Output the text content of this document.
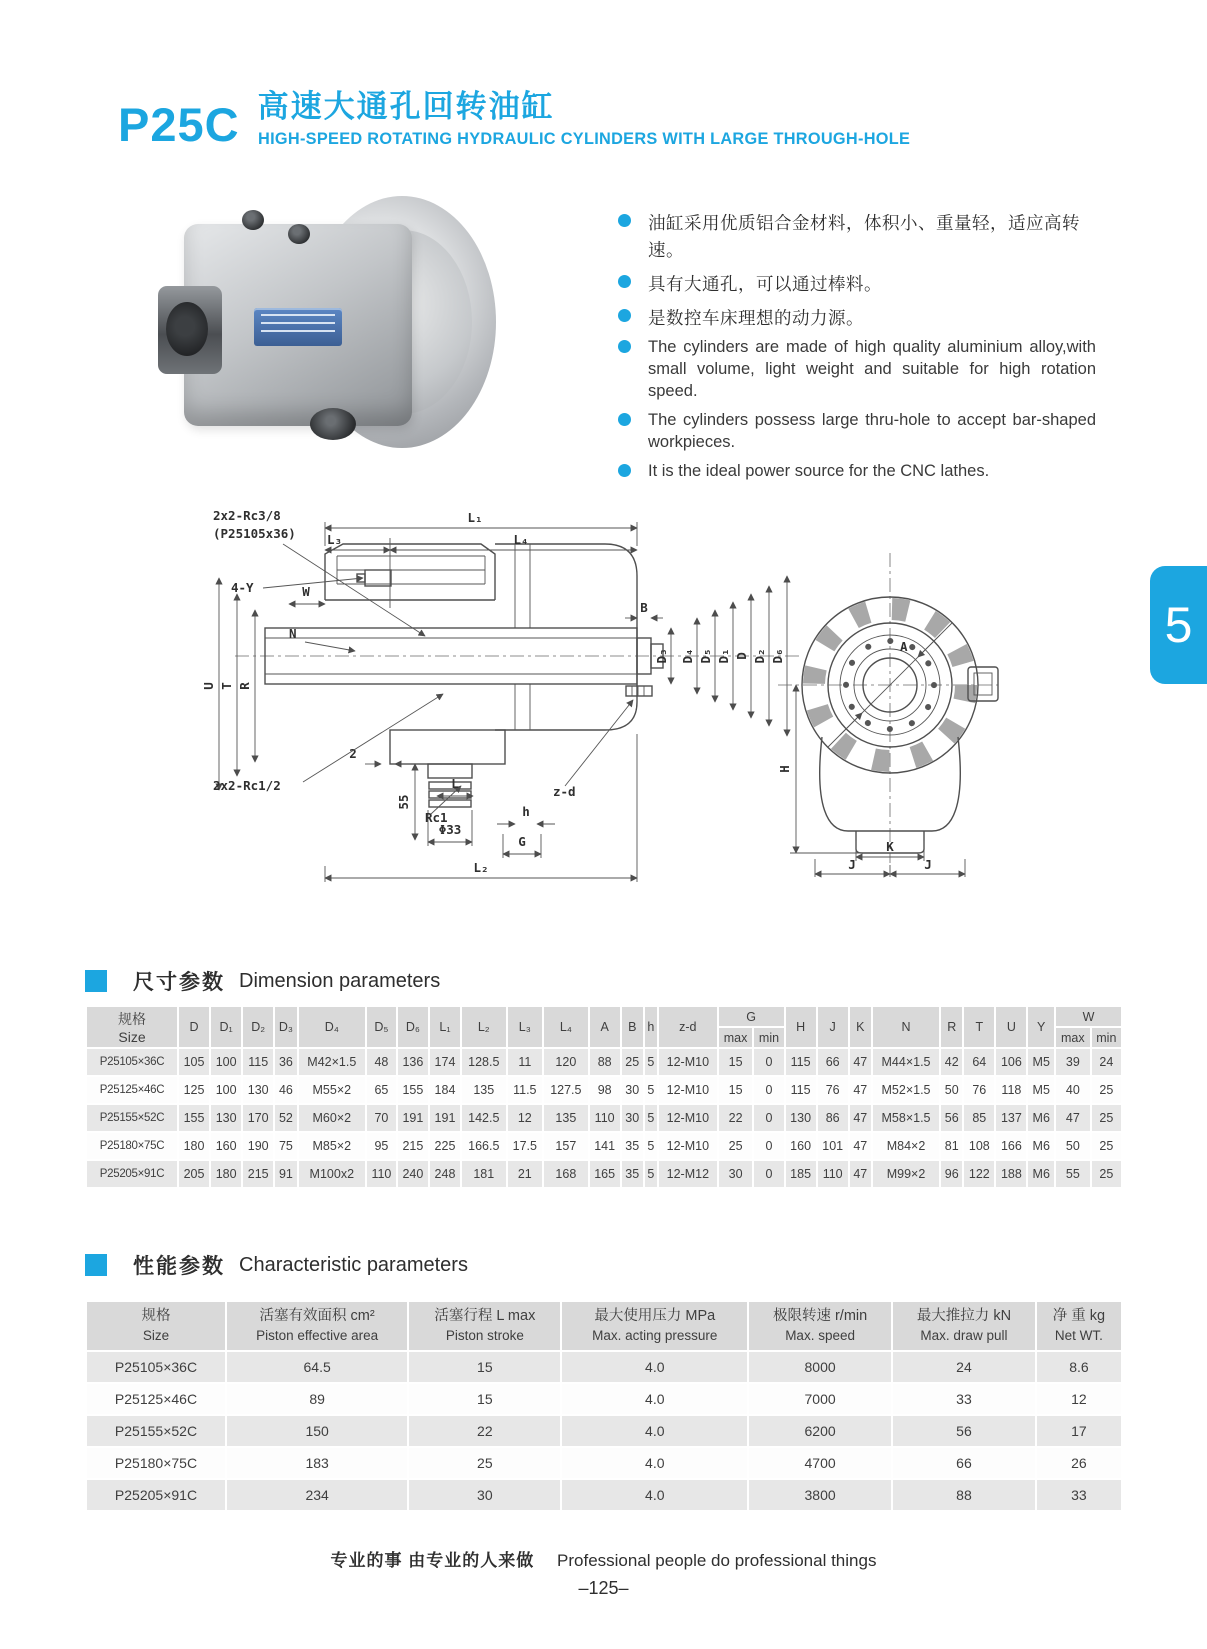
P25C 高速大通孔回转油缸
HIGH-SPEED ROTATING HYDRAULIC CYLINDERS WITH LARGE THROUGH-HOLE
油缸采用优质铝合金材料，体积小、重量轻，适应高转速。
具有大通孔，可以通过棒料。
是数控车床理想的动力源。
The cylinders are made of high quality aluminium alloy,with small volume, light weight and suitable for high rotation speed.
The cylinders possess large thru-hole to accept bar-shaped workpieces.
It is the ideal power source for the CNC lathes.
5
L₁
L₄
L₃
W
2x2-Rc3/8
(P25105x36)
4-Y
N
U T R
D₃
B
D₄ D₅ D₁ D D₂ D₆
2
2x2-Rc1/2
55
Φ33
Rc1
L
h
z-d
G
L₂
A
H
K
J	J
尺寸参数 Dimension parameters
规格
Size	D	D₁	D₂	D₃	D₄	D₅	D₆	L₁	L₂	L₃	L₄	A	B	h	z-d	G		H	J	K	N	R	T	U	Y	W	
																max	min									max	min
P25105×36C	105	100	115	36	M42×1.5	48	136	174	128.5	11	120	88	25	5	12-M10	15	0	115	66	47	M44×1.5	42	64	106	M5	39	24
P25125×46C	125	100	130	46	M55×2	65	155	184	135	11.5	127.5	98	30	5	12-M10	15	0	115	76	47	M52×1.5	50	76	118	M5	40	25
P25155×52C	155	130	170	52	M60×2	70	191	191	142.5	12	135	110	30	5	12-M10	22	0	130	86	47	M58×1.5	56	85	137	M6	47	25
P25180×75C	180	160	190	75	M85×2	95	215	225	166.5	17.5	157	141	35	5	12-M10	25	0	160	101	47	M84×2	81	108	166	M6	50	25
P25205×91C	205	180	215	91	M100x2	110	240	248	181	21	168	165	35	5	12-M12	30	0	185	110	47	M99×2	96	122	188	M6	55	25
性能参数 Characteristic parameters
规格
Size

活塞有效面积 cm²
Piston effective area

活塞行程 L max
Piston stroke

最大使用压力 MPa
Max. acting pressure

极限转速 r/min
Max. speed

最大推拉力 kN
Max. draw pull

净 重 kg
Net WT.

P25105×36C	64.5	15	4.0	8000	24	8.6
P25125×46C	89	15	4.0	7000	33	12
P25155×52C	150	22	4.0	6200	56	17
P25180×75C	183	25	4.0	4700	66	26
P25205×91C	234	30	4.0	3800	88	33
专业的事 由专业的人来做 Professional people do professional things
–125–
